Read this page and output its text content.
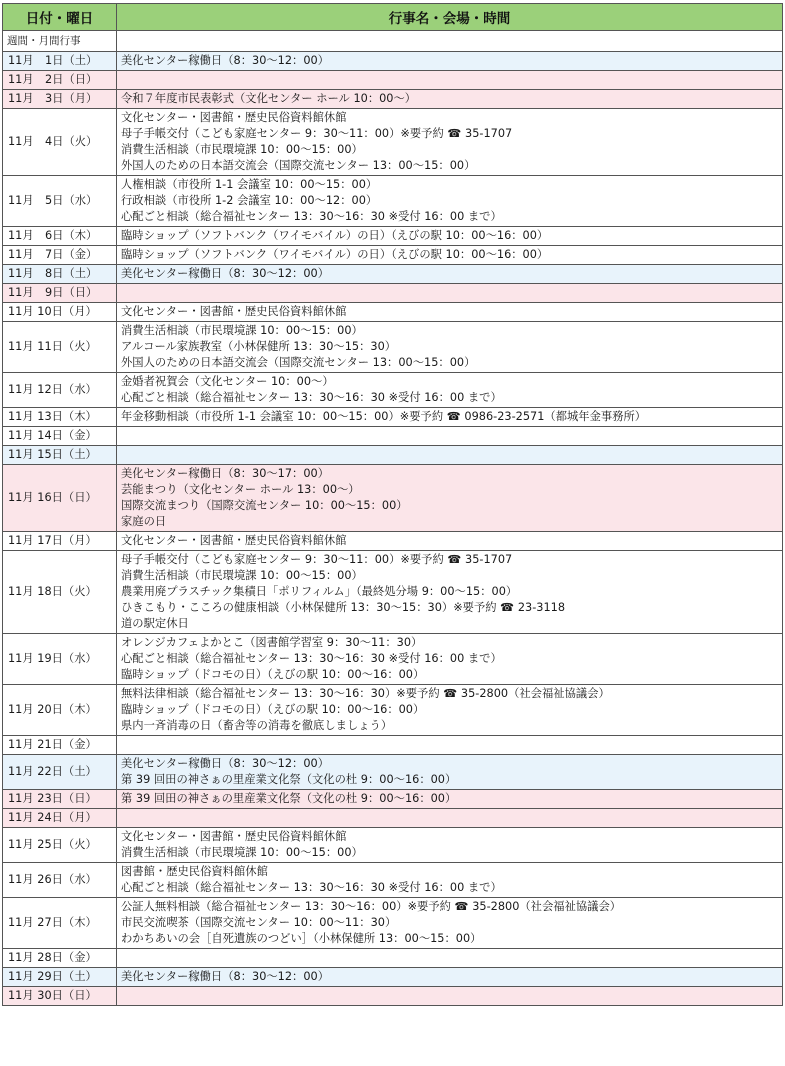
日付・曜日	行事名・会場・時間
週間・月間行事	
11月　1日（土）	美化センター稼働日（8：30～12：00）

11月　2日（日）	
11月　3日（月）	令和７年度市民表彰式（文化センター ホール 10：00～）

11月　4日（火）	文化センター・図書館・歴史民俗資料館休館
母子手帳交付（こども家庭センター 9：30～11：00）※要予約 ☎ 35-1707
消費生活相談（市民環境課 10：00～15：00）
外国人のための日本語交流会（国際交流センター 13：00～15：00）

11月　5日（水）	人権相談（市役所 1-1 会議室 10：00～15：00）
行政相談（市役所 1-2 会議室 10：00～12：00）
心配ごと相談（総合福祉センター 13：30～16：30 ※受付 16：00 まで）

11月　6日（木）	臨時ショップ（ソフトバンク（ワイモバイル）の日）（えびの駅 10：00～16：00）

11月　7日（金）	臨時ショップ（ソフトバンク（ワイモバイル）の日）（えびの駅 10：00～16：00）

11月　8日（土）	美化センター稼働日（8：30～12：00）

11月　9日（日）	
11月 10日（月）	文化センター・図書館・歴史民俗資料館休館

11月 11日（火）	消費生活相談（市民環境課 10：00～15：00）
アルコール家族教室（小林保健所 13：30～15：30）
外国人のための日本語交流会（国際交流センター 13：00～15：00）

11月 12日（水）	金婚者祝賀会（文化センター 10：00～）
心配ごと相談（総合福祉センター 13：30～16：30 ※受付 16：00 まで）

11月 13日（木）	年金移動相談（市役所 1-1 会議室 10：00～15：00）※要予約 ☎ 0986-23-2571（都城年金事務所）

11月 14日（金）	
11月 15日（土）	
11月 16日（日）	美化センター稼働日（8：30～17：00）
芸能まつり（文化センター ホール 13：00～）
国際交流まつり（国際交流センター 10：00～15：00）
家庭の日

11月 17日（月）	文化センター・図書館・歴史民俗資料館休館

11月 18日（火）	母子手帳交付（こども家庭センター 9：30～11：00）※要予約 ☎ 35-1707
消費生活相談（市民環境課 10：00～15：00）
農業用廃プラスチック集積日「ポリフィルム」（最終処分場 9：00～15：00）
ひきこもり・こころの健康相談（小林保健所 13：30～15：30）※要予約 ☎ 23-3118
道の駅定休日

11月 19日（水）	オレンジカフェよかとこ（図書館学習室 9：30～11：30）
心配ごと相談（総合福祉センター 13：30～16：30 ※受付 16：00 まで）
臨時ショップ（ドコモの日）（えびの駅 10：00～16：00）

11月 20日（木）	無料法律相談（総合福祉センター 13：30～16：30）※要予約 ☎ 35-2800（社会福祉協議会）
臨時ショップ（ドコモの日）（えびの駅 10：00～16：00）
県内一斉消毒の日（畜舎等の消毒を徹底しましょう）

11月 21日（金）	
11月 22日（土）	美化センター稼働日（8：30～12：00）
第 39 回田の神さぁの里産業文化祭（文化の杜 9：00～16：00）

11月 23日（日）	第 39 回田の神さぁの里産業文化祭（文化の杜 9：00～16：00）

11月 24日（月）	
11月 25日（火）	文化センター・図書館・歴史民俗資料館休館
消費生活相談（市民環境課 10：00～15：00）

11月 26日（水）	図書館・歴史民俗資料館休館
心配ごと相談（総合福祉センター 13：30～16：30 ※受付 16：00 まで）

11月 27日（木）	公証人無料相談（総合福祉センター 13：30～16：00）※要予約 ☎ 35-2800（社会福祉協議会）
市民交流喫茶（国際交流センター 10：00～11：30）
わかちあいの会［自死遺族のつどい］（小林保健所 13：00～15：00）

11月 28日（金）	
11月 29日（土）	美化センター稼働日（8：30～12：00）

11月 30日（日）	
